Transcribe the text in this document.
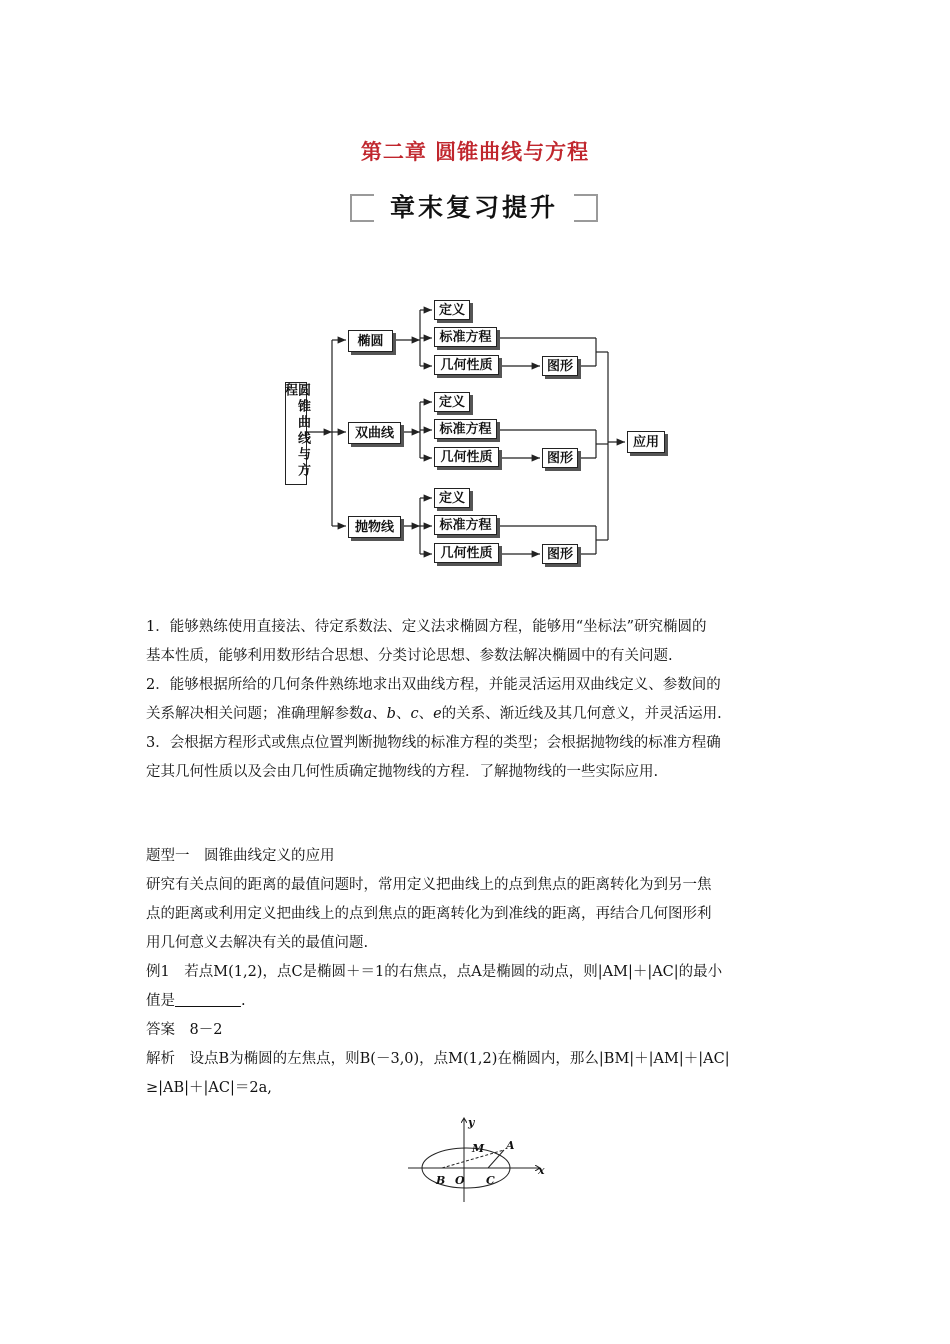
第二章 圆锥曲线与方程
章末复习提升
圆锥曲线与方程
椭圆
双曲线
抛物线
定义
标准方程
几何性质	图形
定义
标准方程
几何性质	图形
定义
标准方程
几何性质	图形
应用

1．能够熟练使用直接法、待定系数法、定义法求椭圆方程，能够用“坐标法”研究椭圆的

基本性质，能够利用数形结合思想、分类讨论思想、参数法解决椭圆中的有关问题.

2．能够根据所给的几何条件熟练地求出双曲线方程，并能灵活运用双曲线定义、参数间的

关系解决相关问题；准确理解参数a、b、c、e的关系、渐近线及其几何意义，并灵活运用.

3．会根据方程形式或焦点位置判断抛物线的标准方程的类型；会根据抛物线的标准方程确

定其几何性质以及会由几何性质确定抛物线的方程．了解抛物线的一些实际应用.

题型一　圆锥曲线定义的应用

研究有关点间的距离的最值问题时，常用定义把曲线上的点到焦点的距离转化为到另一焦

点的距离或利用定义把曲线上的点到焦点的距离转化为到准线的距离，再结合几何图形利

用几何意义去解决有关的最值问题.

例1　若点M(1,2)，点C是椭圆＋＝1的右焦点，点A是椭圆的动点，则|AM|＋|AC|的最小

值是	.

答案　8－2

解析　设点B为椭圆的左焦点，则B(－3,0)，点M(1,2)在椭圆内，那么|BM|＋|AM|＋|AC|

≥|AB|＋|AC|＝2a,

y
M A
B O C
x
